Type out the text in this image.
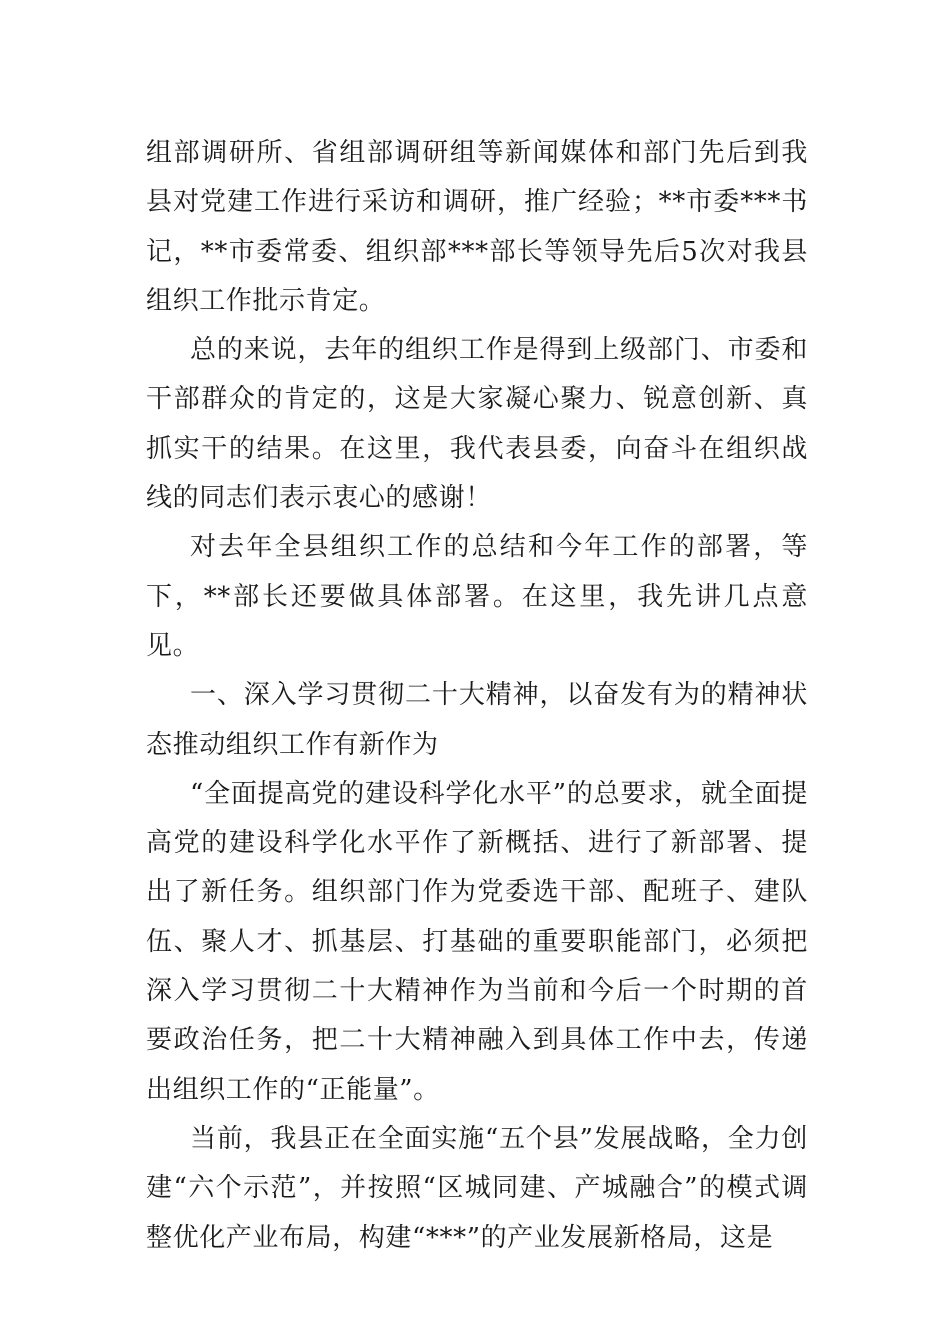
组部调研所、省组部调研组等新闻媒体和部门先后到我县对党建工作进行采访和调研，推广经验；**市委***书记，**市委常委、组织部***部长等领导先后5次对我县组织工作批示肯定。

总的来说，去年的组织工作是得到上级部门、市委和干部群众的肯定的，这是大家凝心聚力、锐意创新、真抓实干的结果。在这里，我代表县委，向奋斗在组织战线的同志们表示衷心的感谢！

对去年全县组织工作的总结和今年工作的部署，等下，**部长还要做具体部署。在这里，我先讲几点意见。

一、深入学习贯彻二十大精神，以奋发有为的精神状态推动组织工作有新作为

“全面提高党的建设科学化水平”的总要求，就全面提高党的建设科学化水平作了新概括、进行了新部署、提出了新任务。组织部门作为党委选干部、配班子、建队伍、聚人才、抓基层、打基础的重要职能部门，必须把深入学习贯彻二十大精神作为当前和今后一个时期的首要政治任务，把二十大精神融入到具体工作中去，传递出组织工作的“正能量”。

当前，我县正在全面实施“五个县”发展战略，全力创建“六个示范”，并按照“区城同建、产城融合”的模式调整优化产业布局，构建“***”的产业发展新格局，这是
